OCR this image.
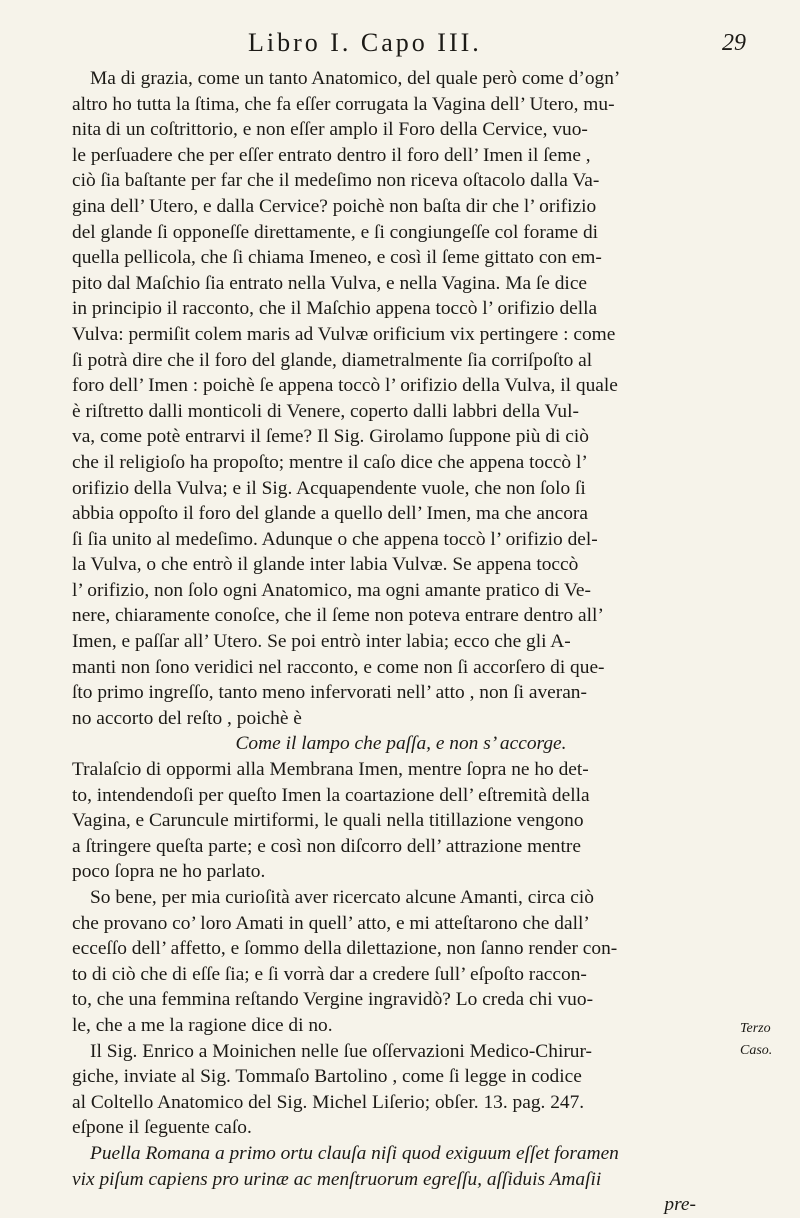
Libro I. Capo III.	29
Ma di grazia, come un tanto Anatomico, del quale però come d’ogn’
altro ho tutta la ſtima, che fa eſſer corrugata la Vagina dell’ Utero, mu-
nita di un coſtrittorio, e non eſſer amplo il Foro della Cervice, vuo-
le perſuadere che per eſſer entrato dentro il foro dell’ Imen il ſeme ,
ciò ſia baſtante per far che il medeſimo non riceva oſtacolo dalla Va-
gina dell’ Utero, e dalla Cervice? poichè non baſta dir che l’ orifizio
del glande ſi opponeſſe direttamente, e ſi congiungeſſe col forame di
quella pellicola, che ſi chiama Imeneo, e così il ſeme gittato con em-
pito dal Maſchio ſia entrato nella Vulva, e nella Vagina. Ma ſe dice
in principio il racconto, che il Maſchio appena toccò l’ orifizio della
Vulva: permiſit colem maris ad Vulvæ orificium vix pertingere : come
ſi potrà dire che il foro del glande, diametralmente ſia corriſpoſto al
foro dell’ Imen : poichè ſe appena toccò l’ orifizio della Vulva, il quale
è riſtretto dalli monticoli di Venere, coperto dalli labbri della Vul-
va, come potè entrarvi il ſeme? Il Sig. Girolamo ſuppone più di ciò
che il religioſo ha propoſto; mentre il caſo dice che appena toccò l’
orifizio della Vulva; e il Sig. Acquapendente vuole, che non ſolo ſi
abbia oppoſto il foro del glande a quello dell’ Imen, ma che ancora
ſi ſia unito al medeſimo. Adunque o che appena toccò l’ orifizio del-
la Vulva, o che entrò il glande inter labia Vulvæ. Se appena toccò
l’ orifizio, non ſolo ogni Anatomico, ma ogni amante pratico di Ve-
nere, chiaramente conoſce, che il ſeme non poteva entrare dentro all’
Imen, e paſſar all’ Utero. Se poi entrò inter labia; ecco che gli A-
manti non ſono veridici nel racconto, e come non ſi accorſero di que-
ſto primo ingreſſo, tanto meno infervorati nell’ atto , non ſi averan-
no accorto del reſto , poichè è
Come il lampo che paſſa, e non s’ accorge.
Tralaſcio di oppormi alla Membrana Imen, mentre ſopra ne ho det-
to, intendendoſi per queſto Imen la coartazione dell’ eſtremità della
Vagina, e Caruncule mirtiformi, le quali nella titillazione vengono
a ſtringere queſta parte; e così non diſcorro dell’ attrazione mentre
poco ſopra ne ho parlato.
So bene, per mia curioſità aver ricercato alcune Amanti, circa ciò
che provano co’ loro Amati in quell’ atto, e mi atteſtarono che dall’
ecceſſo dell’ affetto, e ſommo della dilettazione, non ſanno render con-
to di ciò che di eſſe ſia; e ſi vorrà dar a credere ſull’ eſpoſto raccon-
to, che una femmina reſtando Vergine ingravidò? Lo creda chi vuo-
le, che a me la ragione dice di no.
Il Sig. Enrico a Moinichen nelle ſue oſſervazioni Medico-Chirur-
giche, inviate al Sig. Tommaſo Bartolino , come ſi legge in codice
al Coltello Anatomico del Sig. Michel Liſerio; obſer. 13. pag. 247.
eſpone il ſeguente caſo.
Puella Romana a primo ortu clauſa niſi quod exiguum eſſet foramen
vix piſum capiens pro urinæ ac menſtruorum egreſſu, aſſiduis Amaſii
pre-
Terzo
Caso.
